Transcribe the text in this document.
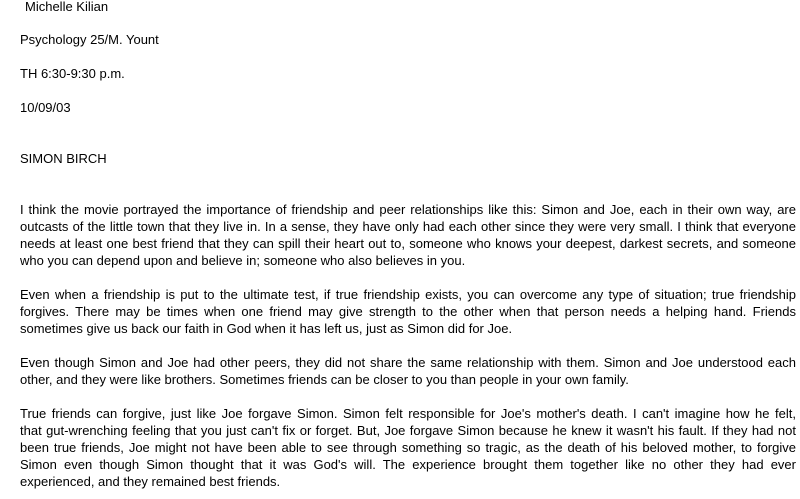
Michelle Kilian

Psychology 25/M. Yount

TH 6:30-9:30 p.m.

10/09/03

SIMON BIRCH

I think the movie portrayed the importance of friendship and peer relationships like this: Simon and Joe, each in their own way, are
outcasts of the little town that they live in. In a sense, they have only had each other since they were very small. I think that everyone
needs at least one best friend that they can spill their heart out to, someone who knows your deepest, darkest secrets, and someone
who you can depend upon and believe in; someone who also believes in you.
Even when a friendship is put to the ultimate test, if true friendship exists, you can overcome any type of situation; true friendship
forgives. There may be times when one friend may give strength to the other when that person needs a helping hand. Friends
sometimes give us back our faith in God when it has left us, just as Simon did for Joe.
Even though Simon and Joe had other peers, they did not share the same relationship with them. Simon and Joe understood each
other, and they were like brothers. Sometimes friends can be closer to you than people in your own family.
True friends can forgive, just like Joe forgave Simon. Simon felt responsible for Joe's mother's death. I can't imagine how he felt,
that gut-wrenching feeling that you just can't fix or forget. But, Joe forgave Simon because he knew it wasn't his fault. If they had not
been true friends, Joe might not have been able to see through something so tragic, as the death of his beloved mother, to forgive
Simon even though Simon thought that it was God's will. The experience brought them together like no other they had ever
experienced, and they remained best friends.
